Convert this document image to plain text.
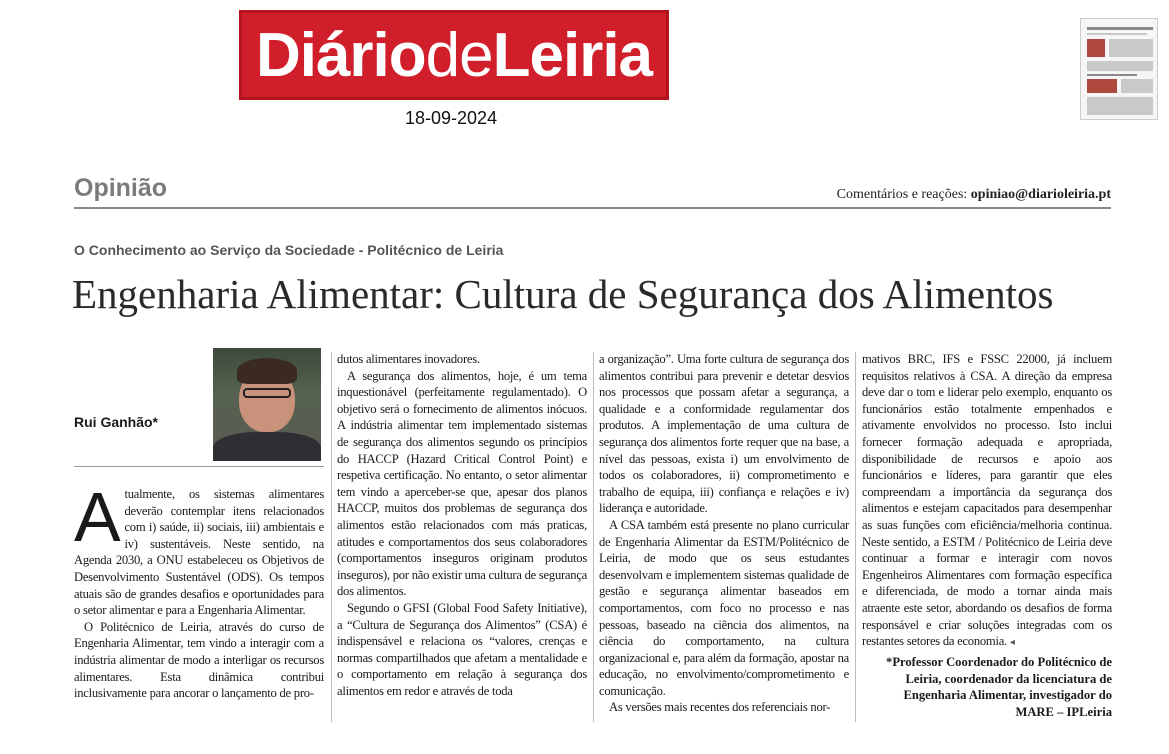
Diário de Leiria
18-09-2024
Opinião	Comentários e reações: opiniao@diarioleiria.pt
O Conhecimento ao Serviço da Sociedade - Politécnico de Leiria
Engenharia Alimentar: Cultura de Segurança dos Alimentos
Rui Ganhão*

Atualmente, os sistemas alimentares deverão contemplar itens relacionados com i) saúde, ii) sociais, iii) ambientais e iv) sustentáveis. Neste sentido, na Agenda 2030, a ONU estabeleceu os Objetivos de Desenvolvimento Sustentável (ODS). Os tempos atuais são de grandes desafios e oportunidades para o setor alimentar e para a Engenharia Alimentar.

O Politécnico de Leiria, através do curso de Engenharia Alimentar, tem vindo a interagir com a indústria alimentar de modo a interligar os recursos alimentares. Esta dinâmica contribui inclusivamente para ancorar o lançamento de pro-

dutos alimentares inovadores.

A segurança dos alimentos, hoje, é um tema inquestionável (perfeitamente regulamentado). O objetivo será o fornecimento de alimentos inócuos. A indústria alimentar tem implementado sistemas de segurança dos alimentos segundo os princípios do HACCP (Hazard Critical Control Point) e respetiva certificação. No entanto, o setor alimentar tem vindo a aperceber-se que, apesar dos planos HACCP, muitos dos problemas de segurança dos alimentos estão relacionados com más praticas, atitudes e comportamentos dos seus colaboradores (comportamentos inseguros originam produtos inseguros), por não existir uma cultura de segurança dos alimentos.

Segundo o GFSI (Global Food Safety Initiative), a “Cultura de Segurança dos Alimentos” (CSA) é indispensável e relaciona os “valores, crenças e normas compartilhados que afetam a mentalidade e o comportamento em relação à segurança dos alimentos em redor e através de toda

a organização”. Uma forte cultura de segurança dos alimentos contribui para prevenir e detetar desvios nos processos que possam afetar a segurança, a qualidade e a conformidade regulamentar dos produtos. A implementação de uma cultura de segurança dos alimentos forte requer que na base, a nível das pessoas, exista i) um envolvimento de todos os colaboradores, ii) comprometimento e trabalho de equipa, iii) confiança e relações e iv) liderança e autoridade.

A CSA também está presente no plano curricular de Engenharia Alimentar da ESTM/Politécnico de Leiria, de modo que os seus estudantes desenvolvam e implementem sistemas qualidade de gestão e segurança alimentar baseados em comportamentos, com foco no processo e nas pessoas, baseado na ciência dos alimentos, na ciência do comportamento, na cultura organizacional e, para além da formação, apostar na educação, no envolvimento/comprometimento e comunicação.

As versões mais recentes dos referenciais nor-

mativos BRC, IFS e FSSC 22000, já incluem requisitos relativos à CSA. A direção da empresa deve dar o tom e liderar pelo exemplo, enquanto os funcionários estão totalmente empenhados e ativamente envolvidos no processo. Isto inclui fornecer formação adequada e apropriada, disponibilidade de recursos e apoio aos funcionários e líderes, para garantir que eles compreendam a importância da segurança dos alimentos e estejam capacitados para desempenhar as suas funções com eficiência/melhoria continua. Neste sentido, a ESTM / Politécnico de Leiria deve continuar a formar e interagir com novos Engenheiros Alimentares com formação específica e diferenciada, de modo a tornar ainda mais atraente este setor, abordando os desafios de forma responsável e criar soluções integradas com os restantes setores da economia. ◂

*Professor Coordenador do Politécnico de Leiria, coordenador da licenciatura de Engenharia Alimentar, investigador do MARE – IPLeiria
